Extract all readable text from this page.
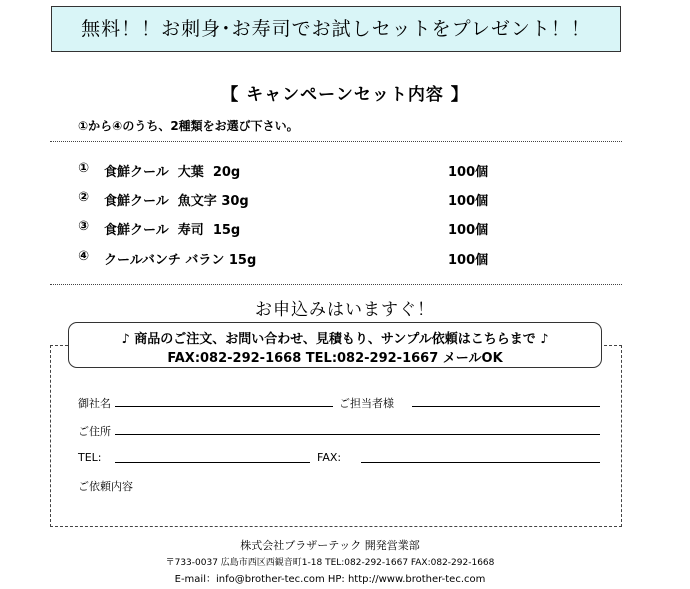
無料！！お刺身･お寿司でお試しセットをプレゼント！！
【 キャンペーンセット内容 】
①から④のうち、2種類をお選び下さい。
① 食鮮クール  大葉  20g	100個
② 食鮮クール  魚文字 30g	100個
③ 食鮮クール  寿司  15g	100個
④ クールバンチ バラン 15g	100個
お申込みはいますぐ！
♪ 商品のご注文、お問い合わせ、見積もり、サンプル依頼はこちらまで ♪
FAX:082-292-1668 TEL:082-292-1667 メールOK
御社名	ご担当者様
ご住所
TEL:	FAX:
ご依頼内容
株式会社ブラザーテック 開発営業部
〒733-0037 広島市西区西観音町1-18 TEL:082-292-1667 FAX:082-292-1668
E-mail：info@brother-tec.com HP: http://www.brother-tec.com
